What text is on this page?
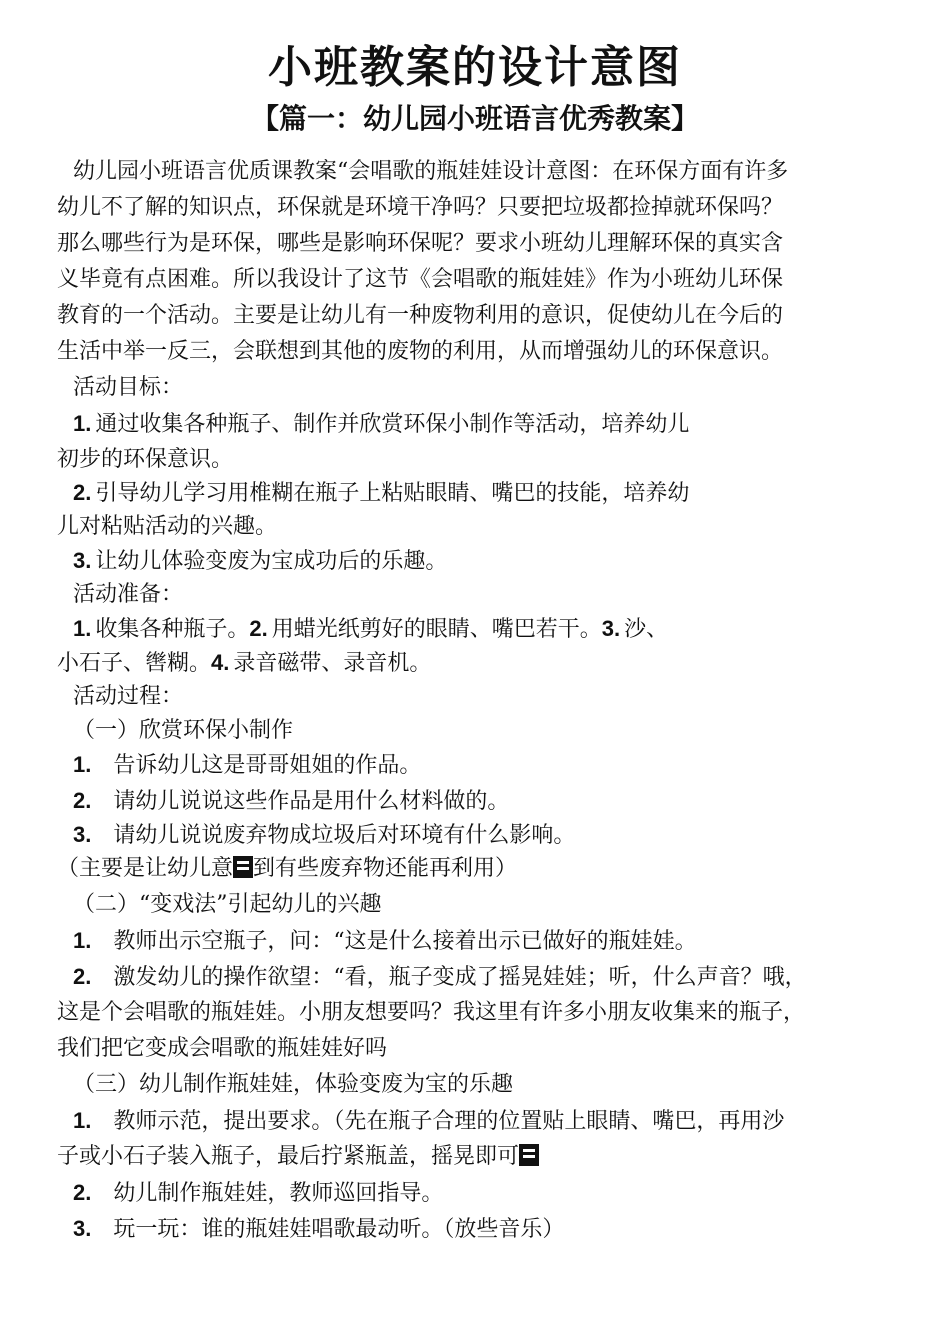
小班教案的设计意图
【篇一：幼儿园小班语言优秀教案】

幼儿园小班语言优质课教案“会唱歌的瓶娃娃设计意图：在环保方面有许多

幼儿不了解的知识点，环保就是环境干净吗？只要把垃圾都捡掉就环保吗？

那么哪些行为是环保，哪些是影响环保呢？要求小班幼儿理解环保的真实含

义毕竟有点困难。所以我设计了这节《会唱歌的瓶娃娃》作为小班幼儿环保

教育的一个活动。主要是让幼儿有一种废物利用的意识，促使幼儿在今后的

生活中举一反三，会联想到其他的废物的利用，从而增强幼儿的环保意识。

活动目标：

1. 通过收集各种瓶子、制作并欣赏环保小制作等活动，培养幼儿

初步的环保意识。

2. 引导幼儿学习用椎糊在瓶子上粘贴眼睛、嘴巴的技能，培养幼

儿对粘贴活动的兴趣。

3. 让幼儿体验变废为宝成功后的乐趣。

活动准备：

1. 收集各种瓶子。2. 用蜡光纸剪好的眼睛、嘴巴若干。3. 沙、

小石子、辔糊。4. 录音磁带、录音机。

活动过程：

（一）欣赏环保小制作

1. 告诉幼儿这是哥哥姐姐的作品。

2. 请幼儿说说这些作品是用什么材料做的。

3. 请幼儿说说废弃物成垃圾后对环境有什么影响。

（主要是让幼儿意 到有些废弃物还能再利用）

（二）“变戏法”引起幼儿的兴趣

1. 教师出示空瓶子，问：“这是什么接着出示已做好的瓶娃娃。

2. 激发幼儿的操作欲望：“看，瓶子变成了摇晃娃娃；听，什么声音？哦，

这是个会唱歌的瓶娃娃。小朋友想要吗？我这里有许多小朋友收集来的瓶子，

我们把它变成会唱歌的瓶娃娃好吗

（三）幼儿制作瓶娃娃，体验变废为宝的乐趣

1. 教师示范，提出要求。（先在瓶子合理的位置贴上眼睛、嘴巴，再用沙

子或小石子装入瓶子，最后拧紧瓶盖，摇晃即可

2. 幼儿制作瓶娃娃，教师巡回指导。

3. 玩一玩：谁的瓶娃娃唱歌最动听。（放些音乐）
